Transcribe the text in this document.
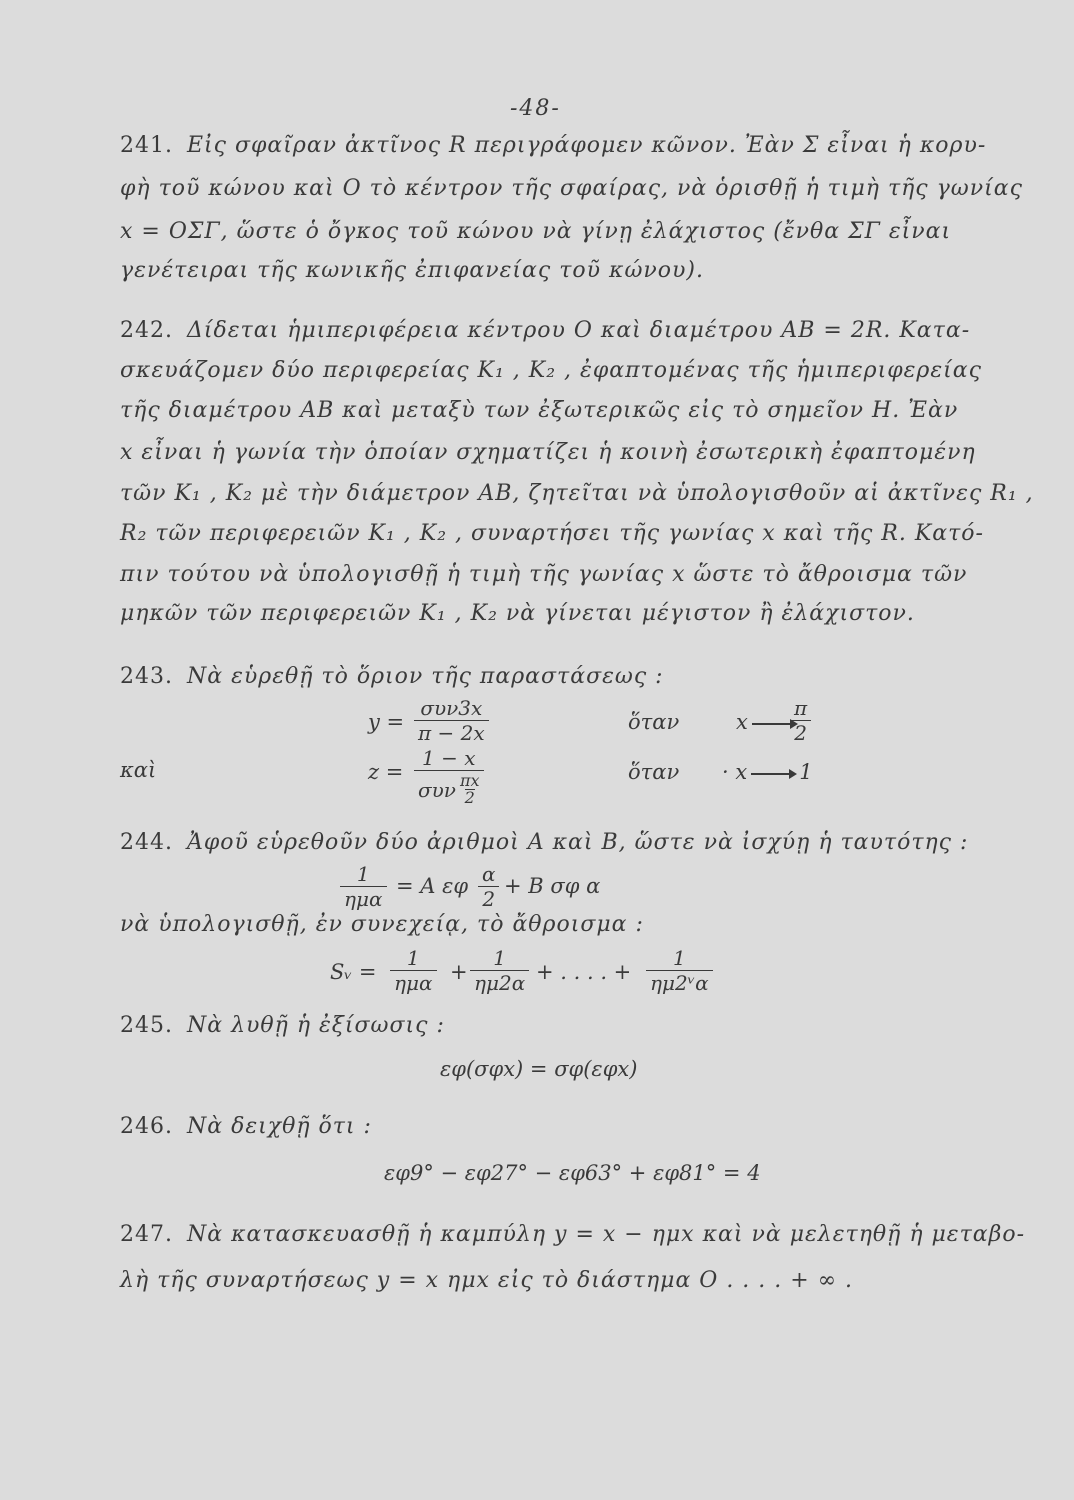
-48-
241. Εἰς σφαῖραν ἀκτῖνος R περιγράφομεν κῶνον. Ἐὰν Σ εἶναι ἡ κορυ-
φὴ τοῦ κώνου καὶ Ο τὸ κέντρον τῆς σφαίρας, νὰ ὁρισθῇ ἡ τιμὴ τῆς γωνίας
x = ΟΣΓ, ὥστε ὁ ὄγκος τοῦ κώνου νὰ γίνῃ ἐλάχιστος (ἔνθα ΣΓ εἶναι
γενέτειραι τῆς κωνικῆς ἐπιφανείας τοῦ κώνου).
242. Δίδεται ἡμιπεριφέρεια κέντρου Ο καὶ διαμέτρου ΑΒ = 2R. Κατα-
σκευάζομεν δύο περιφερείας Κ₁ , Κ₂ , ἐφαπτομένας τῆς ἡμιπεριφερείας
τῆς διαμέτρου ΑΒ καὶ μεταξὺ των ἐξωτερικῶς εἰς τὸ σημεῖον Η. Ἐὰν
x εἶναι ἡ γωνία τὴν ὁποίαν σχηματίζει ἡ κοινὴ ἐσωτερικὴ ἐφαπτομένη
τῶν Κ₁ , Κ₂ μὲ τὴν διάμετρον ΑΒ, ζητεῖται νὰ ὑπολογισθοῦν αἱ ἀκτῖνες R₁ ,
R₂ τῶν περιφερειῶν Κ₁ , Κ₂ , συναρτήσει τῆς γωνίας x καὶ τῆς R. Κατό-
πιν τούτου νὰ ὑπολογισθῇ ἡ τιμὴ τῆς γωνίας x ὥστε τὸ ἄθροισμα τῶν
μηκῶν τῶν περιφερειῶν Κ₁ , Κ₂ νὰ γίνεται μέγιστον ἢ ἐλάχιστον.
243. Νὰ εὑρεθῇ τὸ ὅριον τῆς παραστάσεως :
y =
συν3x
π − 2x	ὅταν	x	$\frac{\pi}{2}$
καὶ	z =
1 − x
συν πx
2
ὅταν · x 1
244. Ἀφοῦ εὑρεθοῦν δύο ἀριθμοὶ Α καὶ Β, ὥστε νὰ ἰσχύῃ ἡ ταυτότης :
1
ημα
= Α εφ $\frac{\alpha}{2} + B$ σφ α
νὰ ὑπολογισθῇ, ἐν συνεχείᾳ, τὸ ἄθροισμα :
Sᵥ =
1
$\eta\mu\alpha + \frac{1}{\eta\mu 2\alpha}$ + . . . . + $\frac{1}{\text{ημ2ᵛα}}$
245. Νὰ λυθῇ ἡ ἐξίσωσις :
εφ(σφx) = σφ(εφx)
246. Νὰ δειχθῇ ὅτι :
εφ9° − εφ27° − εφ63° + εφ81° = 4
247. Νὰ κατασκευασθῇ ἡ καμπύλη y = x − ημx καὶ νὰ μελετηθῇ ἡ μεταβο-
λὴ τῆς συναρτήσεως y = x ημx εἰς τὸ διάστημα Ο . . . . + ∞ .
